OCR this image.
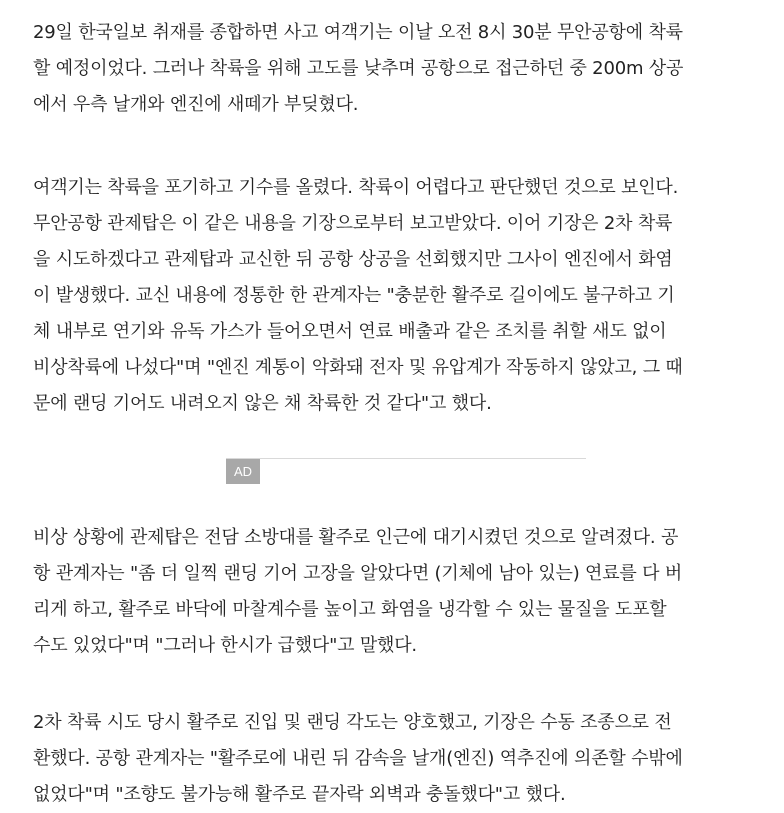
29일 한국일보 취재를 종합하면 사고 여객기는 이날 오전 8시 30분 무안공항에 착륙
할 예정이었다. 그러나 착륙을 위해 고도를 낮추며 공항으로 접근하던 중 200m 상공
에서 우측 날개와 엔진에 새떼가 부딪혔다.

여객기는 착륙을 포기하고 기수를 올렸다. 착륙이 어렵다고 판단했던 것으로 보인다.
무안공항 관제탑은 이 같은 내용을 기장으로부터 보고받았다. 이어 기장은 2차 착륙
을 시도하겠다고 관제탑과 교신한 뒤 공항 상공을 선회했지만 그사이 엔진에서 화염
이 발생했다. 교신 내용에 정통한 한 관계자는 "충분한 활주로 길이에도 불구하고 기
체 내부로 연기와 유독 가스가 들어오면서 연료 배출과 같은 조치를 취할 새도 없이
비상착륙에 나섰다"며 "엔진 계통이 악화돼 전자 및 유압계가 작동하지 않았고, 그 때
문에 랜딩 기어도 내려오지 않은 채 착륙한 것 같다"고 했다.

비상 상황에 관제탑은 전담 소방대를 활주로 인근에 대기시켰던 것으로 알려졌다. 공
항 관계자는 "좀 더 일찍 랜딩 기어 고장을 알았다면 (기체에 남아 있는) 연료를 다 버
리게 하고, 활주로 바닥에 마찰계수를 높이고 화염을 냉각할 수 있는 물질을 도포할
수도 있었다"며 "그러나 한시가 급했다"고 말했다.

2차 착륙 시도 당시 활주로 진입 및 랜딩 각도는 양호했고, 기장은 수동 조종으로 전
환했다. 공항 관계자는 "활주로에 내린 뒤 감속을 날개(엔진) 역추진에 의존할 수밖에
없었다"며 "조향도 불가능해 활주로 끝자락 외벽과 충돌했다"고 했다.

AD
